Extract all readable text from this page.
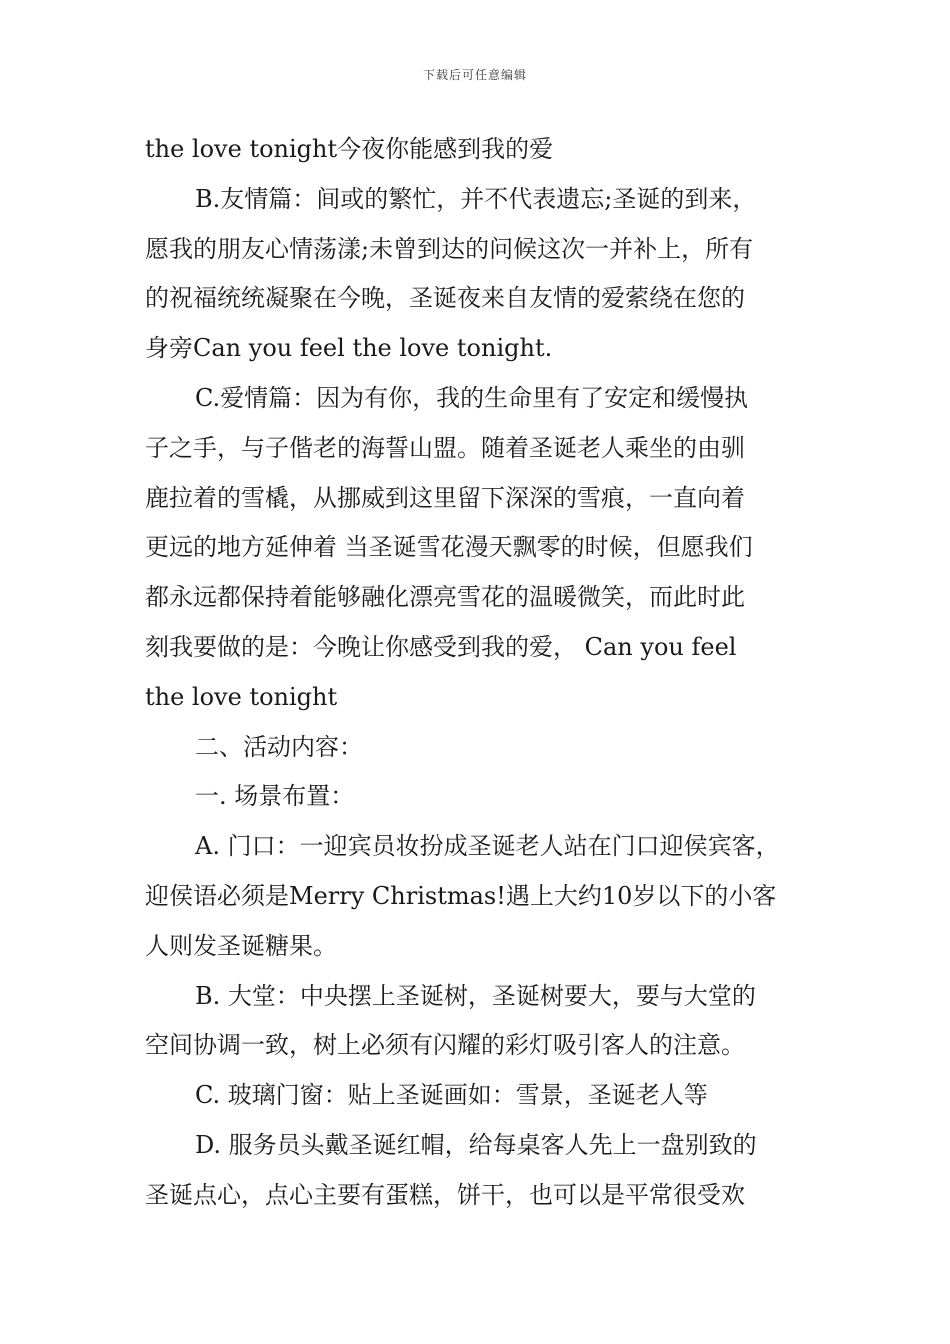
下载后可任意编辑
the love tonight今夜你能感到我的爱
B.友情篇：间或的繁忙，并不代表遗忘;圣诞的到来，
愿我的朋友心情荡漾;未曾到达的问候这次一并补上，所有
的祝福统统凝聚在今晚，圣诞夜来自友情的爱萦绕在您的
身旁Can you feel the love tonight.
C.爱情篇：因为有你，我的生命里有了安定和缓慢执
子之手，与子偕老的海誓山盟。随着圣诞老人乘坐的由驯
鹿拉着的雪橇，从挪威到这里留下深深的雪痕，一直向着
更远的地方延伸着 当圣诞雪花漫天飘零的时候，但愿我们
都永远都保持着能够融化漂亮雪花的温暖微笑，而此时此
刻我要做的是：今晚让你感受到我的爱， Can you feel
the love tonight
二、活动内容：
一. 场景布置：
A. 门口：一迎宾员妆扮成圣诞老人站在门口迎侯宾客，
迎侯语必须是Merry Christmas!遇上大约10岁以下的小客
人则发圣诞糖果。
B. 大堂：中央摆上圣诞树，圣诞树要大，要与大堂的
空间协调一致，树上必须有闪耀的彩灯吸引客人的注意。
C. 玻璃门窗：贴上圣诞画如：雪景，圣诞老人等
D. 服务员头戴圣诞红帽，给每桌客人先上一盘别致的
圣诞点心，点心主要有蛋糕，饼干，也可以是平常很受欢
